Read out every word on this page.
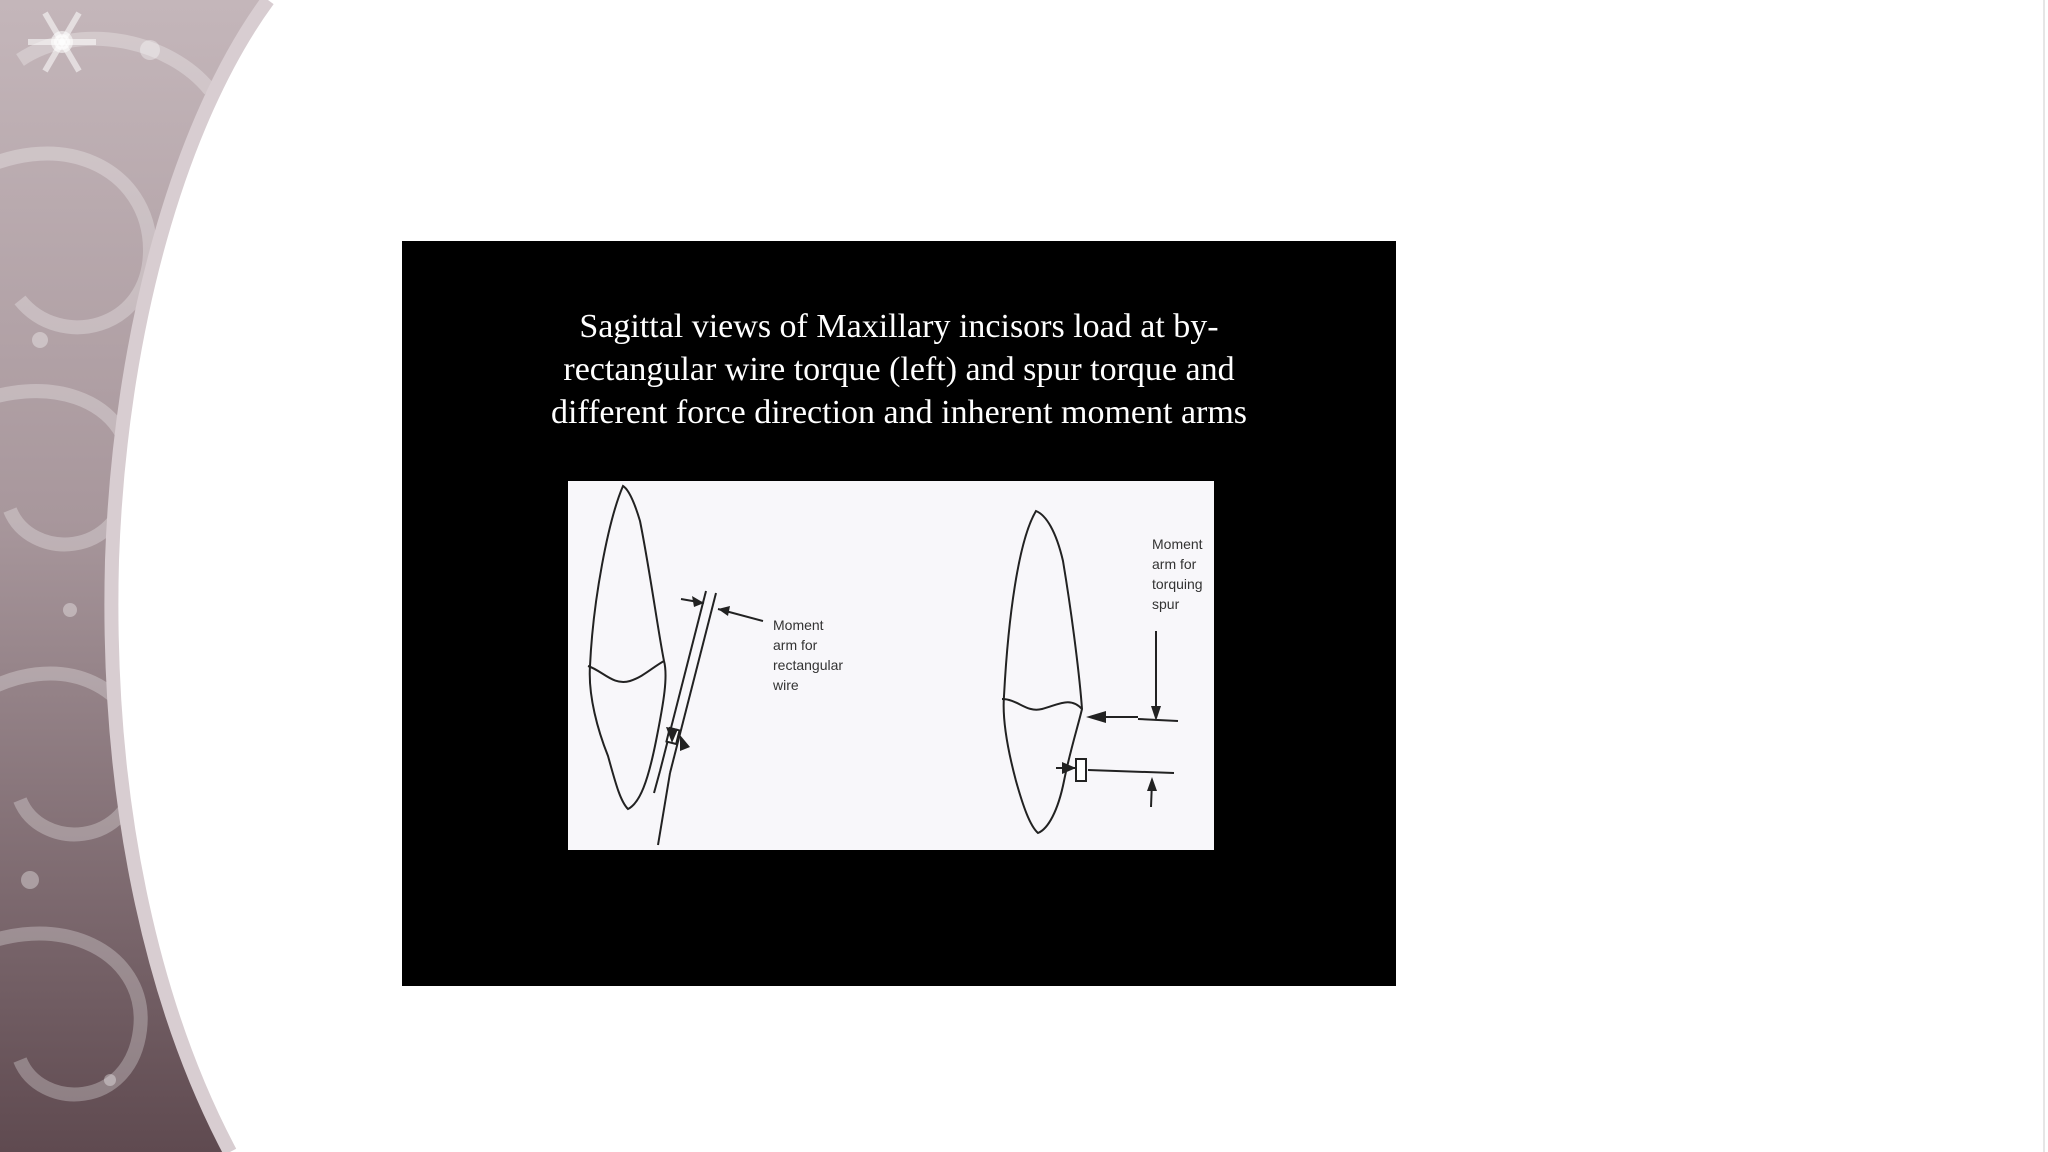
Sagittal views of Maxillary incisors load at by-
rectangular wire torque (left) and spur torque and
different force direction and inherent moment arms
Moment arm for rectangular wire
Moment arm for torquing spur
